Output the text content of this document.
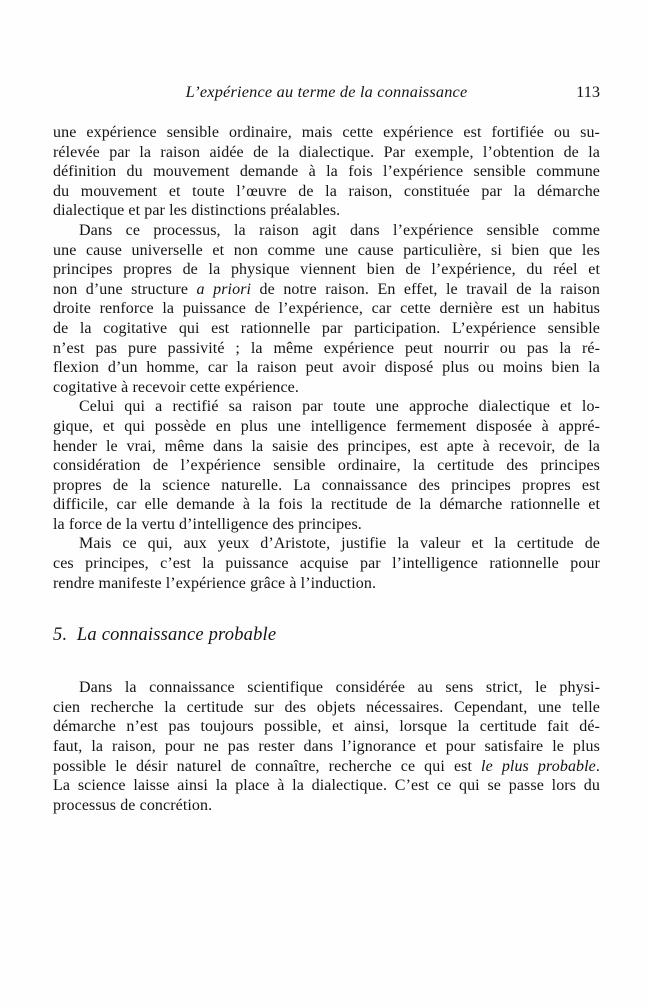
L’expérience au terme de la connaissance	113
une expérience sensible ordinaire, mais cette expérience est fortifiée ou su-
rélevée par la raison aidée de la dialectique. Par exemple, l’obtention de la
définition du mouvement demande à la fois l’expérience sensible commune
du mouvement et toute l’œuvre de la raison, constituée par la démarche
dialectique et par les distinctions préalables.
Dans ce processus, la raison agit dans l’expérience sensible comme
une cause universelle et non comme une cause particulière, si bien que les
principes propres de la physique viennent bien de l’expérience, du réel et
non d’une structure a priori de notre raison. En effet, le travail de la raison
droite renforce la puissance de l’expérience, car cette dernière est un habitus
de la cogitative qui est rationnelle par participation. L’expérience sensible
n’est pas pure passivité ; la même expérience peut nourrir ou pas la ré-
flexion d’un homme, car la raison peut avoir disposé plus ou moins bien la
cogitative à recevoir cette expérience.
Celui qui a rectifié sa raison par toute une approche dialectique et lo-
gique, et qui possède en plus une intelligence fermement disposée à appré-
hender le vrai, même dans la saisie des principes, est apte à recevoir, de la
considération de l’expérience sensible ordinaire, la certitude des principes
propres de la science naturelle. La connaissance des principes propres est
difficile, car elle demande à la fois la rectitude de la démarche rationnelle et
la force de la vertu d’intelligence des principes.
Mais ce qui, aux yeux d’Aristote, justifie la valeur et la certitude de
ces principes, c’est la puissance acquise par l’intelligence rationnelle pour
rendre manifeste l’expérience grâce à l’induction.
5.  La connaissance probable
Dans la connaissance scientifique considérée au sens strict, le physi-
cien recherche la certitude sur des objets nécessaires. Cependant, une telle
démarche n’est pas toujours possible, et ainsi, lorsque la certitude fait dé-
faut, la raison, pour ne pas rester dans l’ignorance et pour satisfaire le plus
possible le désir naturel de connaître, recherche ce qui est le plus probable.
La science laisse ainsi la place à la dialectique. C’est ce qui se passe lors du
processus de concrétion.
